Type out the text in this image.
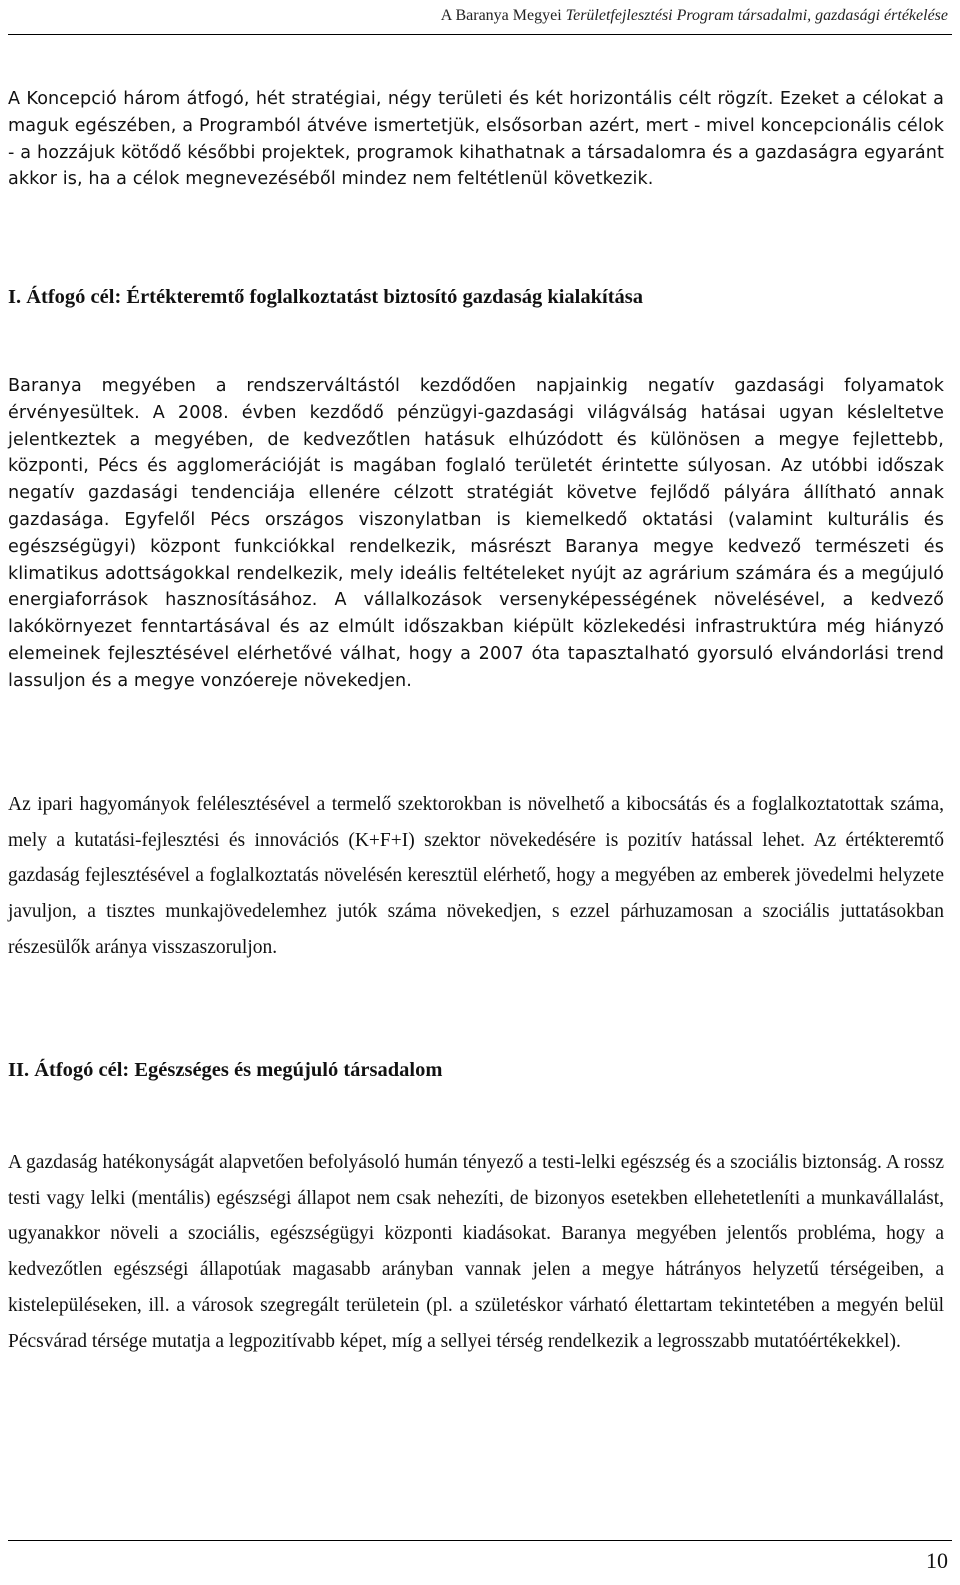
A Baranya Megyei Területfejlesztési Program társadalmi, gazdasági értékelése

A Koncepció három átfogó, hét stratégiai, négy területi és két horizontális célt rögzít. Ezeket a célokat a maguk egészében, a Programból átvéve ismertetjük, elsősorban azért, mert - mivel koncepcionális célok - a hozzájuk kötődő későbbi projektek, programok kihathatnak a társadalomra és a gazdaságra egyaránt akkor is, ha a célok megnevezéséből mindez nem feltétlenül következik.

I. Átfogó cél: Értékteremtő foglalkoztatást biztosító gazdaság kialakítása

Baranya megyében a rendszerváltástól kezdődően napjainkig negatív gazdasági folyamatok érvényesültek. A 2008. évben kezdődő pénzügyi-gazdasági világválság hatásai ugyan késleltetve jelentkeztek a megyében, de kedvezőtlen hatásuk elhúzódott és különösen a megye fejlettebb, központi, Pécs és agglomerációját is magában foglaló területét érintette súlyosan. Az utóbbi időszak negatív gazdasági tendenciája ellenére célzott stratégiát követve fejlődő pályára állítható annak gazdasága. Egyfelől Pécs országos viszonylatban is kiemelkedő oktatási (valamint kulturális és egészségügyi) központ funkciókkal rendelkezik, másrészt Baranya megye kedvező természeti és klimatikus adottságokkal rendelkezik, mely ideális feltételeket nyújt az agrárium számára és a megújuló energiaforrások hasznosításához. A vállalkozások versenyképességének növelésével, a kedvező lakókörnyezet fenntartásával és az elmúlt időszakban kiépült közlekedési infrastruktúra még hiányzó elemeinek fejlesztésével elérhetővé válhat, hogy a 2007 óta tapasztalható gyorsuló elvándorlási trend lassuljon és a megye vonzóereje növekedjen.

Az ipari hagyományok felélesztésével a termelő szektorokban is növelhető a kibocsátás és a foglalkoztatottak száma, mely a kutatási-fejlesztési és innovációs (K+F+I) szektor növekedésére is pozitív hatással lehet. Az értékteremtő gazdaság fejlesztésével a foglalkoztatás növelésén keresztül elérhető, hogy a megyében az emberek jövedelmi helyzete javuljon, a tisztes munkajövedelemhez jutók száma növekedjen, s ezzel párhuzamosan a szociális juttatásokban részesülők aránya visszaszoruljon.

II. Átfogó cél: Egészséges és megújuló társadalom

A gazdaság hatékonyságát alapvetően befolyásoló humán tényező a testi-lelki egészség és a szociális biztonság. A rossz testi vagy lelki (mentális) egészségi állapot nem csak nehezíti, de bizonyos esetekben ellehetetleníti a munkavállalást, ugyanakkor növeli a szociális, egészségügyi központi kiadásokat. Baranya megyében jelentős probléma, hogy a kedvezőtlen egészségi állapotúak magasabb arányban vannak jelen a megye hátrányos helyzetű térségeiben, a kistelepüléseken, ill. a városok szegregált területein (pl. a születéskor várható élettartam tekintetében a megyén belül Pécsvárad térsége mutatja a legpozitívabb képet, míg a sellyei térség rendelkezik a legrosszabb mutatóértékekkel).

10
